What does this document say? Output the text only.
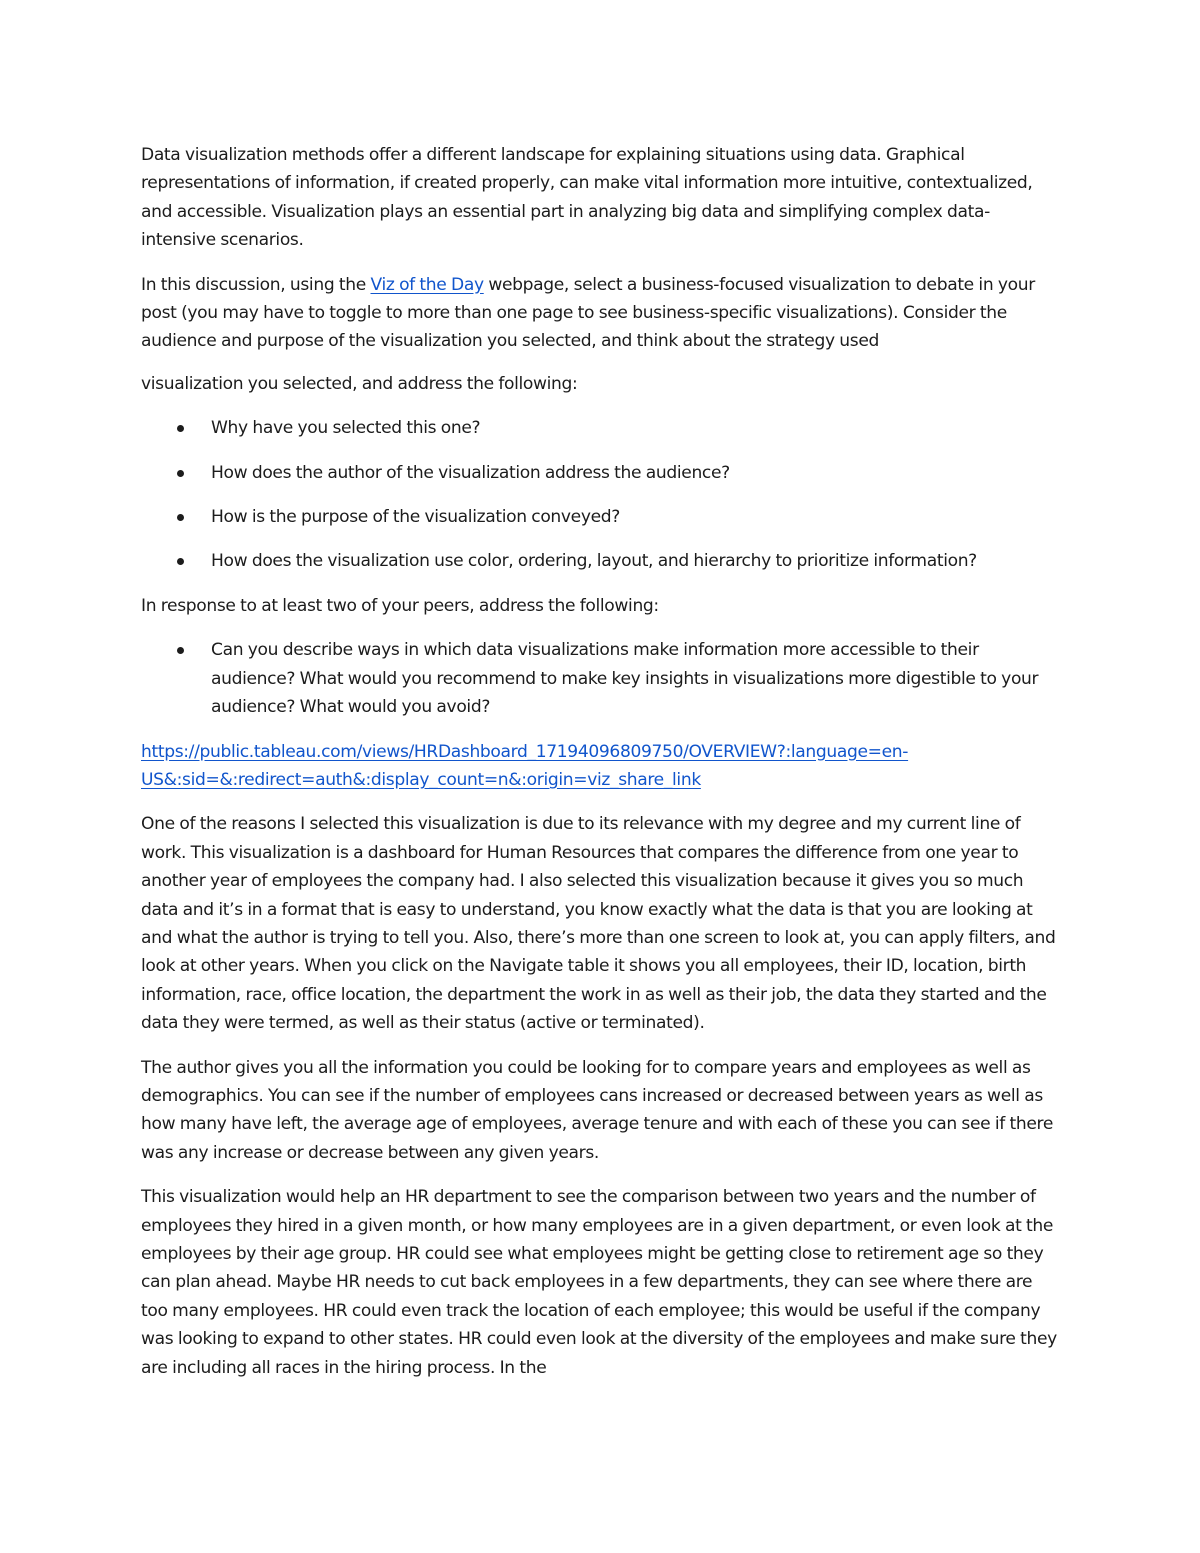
Data visualization methods offer a different landscape for explaining situations using data. Graphical representations of information, if created properly, can make vital information more intuitive, contextualized, and accessible. Visualization plays an essential part in analyzing big data and simplifying complex data-intensive scenarios.

In this discussion, using the Viz of the Day webpage, select a business-focused visualization to debate in your post (you may have to toggle to more than one page to see business-specific visualizations). Consider the audience and purpose of the visualization you selected, and think about the strategy used

visualization you selected, and address the following:

Why have you selected this one?
How does the author of the visualization address the audience?
How is the purpose of the visualization conveyed?
How does the visualization use color, ordering, layout, and hierarchy to prioritize information?

In response to at least two of your peers, address the following:

Can you describe ways in which data visualizations make information more accessible to their audience? What would you recommend to make key insights in visualizations more digestible to your audience? What would you avoid?

https://public.tableau.com/views/HRDashboard_17194096809750/OVERVIEW?:language=en-
US&:sid=&:redirect=auth&:display_count=n&:origin=viz_share_link

One of the reasons I selected this visualization is due to its relevance with my degree and my current line of work. This visualization is a dashboard for Human Resources that compares the difference from one year to another year of employees the company had. I also selected this visualization because it gives you so much data and it’s in a format that is easy to understand, you know exactly what the data is that you are looking at and what the author is trying to tell you. Also, there’s more than one screen to look at, you can apply filters, and look at other years. When you click on the Navigate table it shows you all employees, their ID, location, birth information, race, office location, the department the work in as well as their job, the data they started and the data they were termed, as well as their status (active or terminated).

The author gives you all the information you could be looking for to compare years and employees as well as demographics. You can see if the number of employees cans increased or decreased between years as well as how many have left, the average age of employees, average tenure and with each of these you can see if there was any increase or decrease between any given years.

This visualization would help an HR department to see the comparison between two years and the number of employees they hired in a given month, or how many employees are in a given department, or even look at the employees by their age group. HR could see what employees might be getting close to retirement age so they can plan ahead. Maybe HR needs to cut back employees in a few departments, they can see where there are too many employees. HR could even track the location of each employee; this would be useful if the company was looking to expand to other states. HR could even look at the diversity of the employees and make sure they are including all races in the hiring process. In the
